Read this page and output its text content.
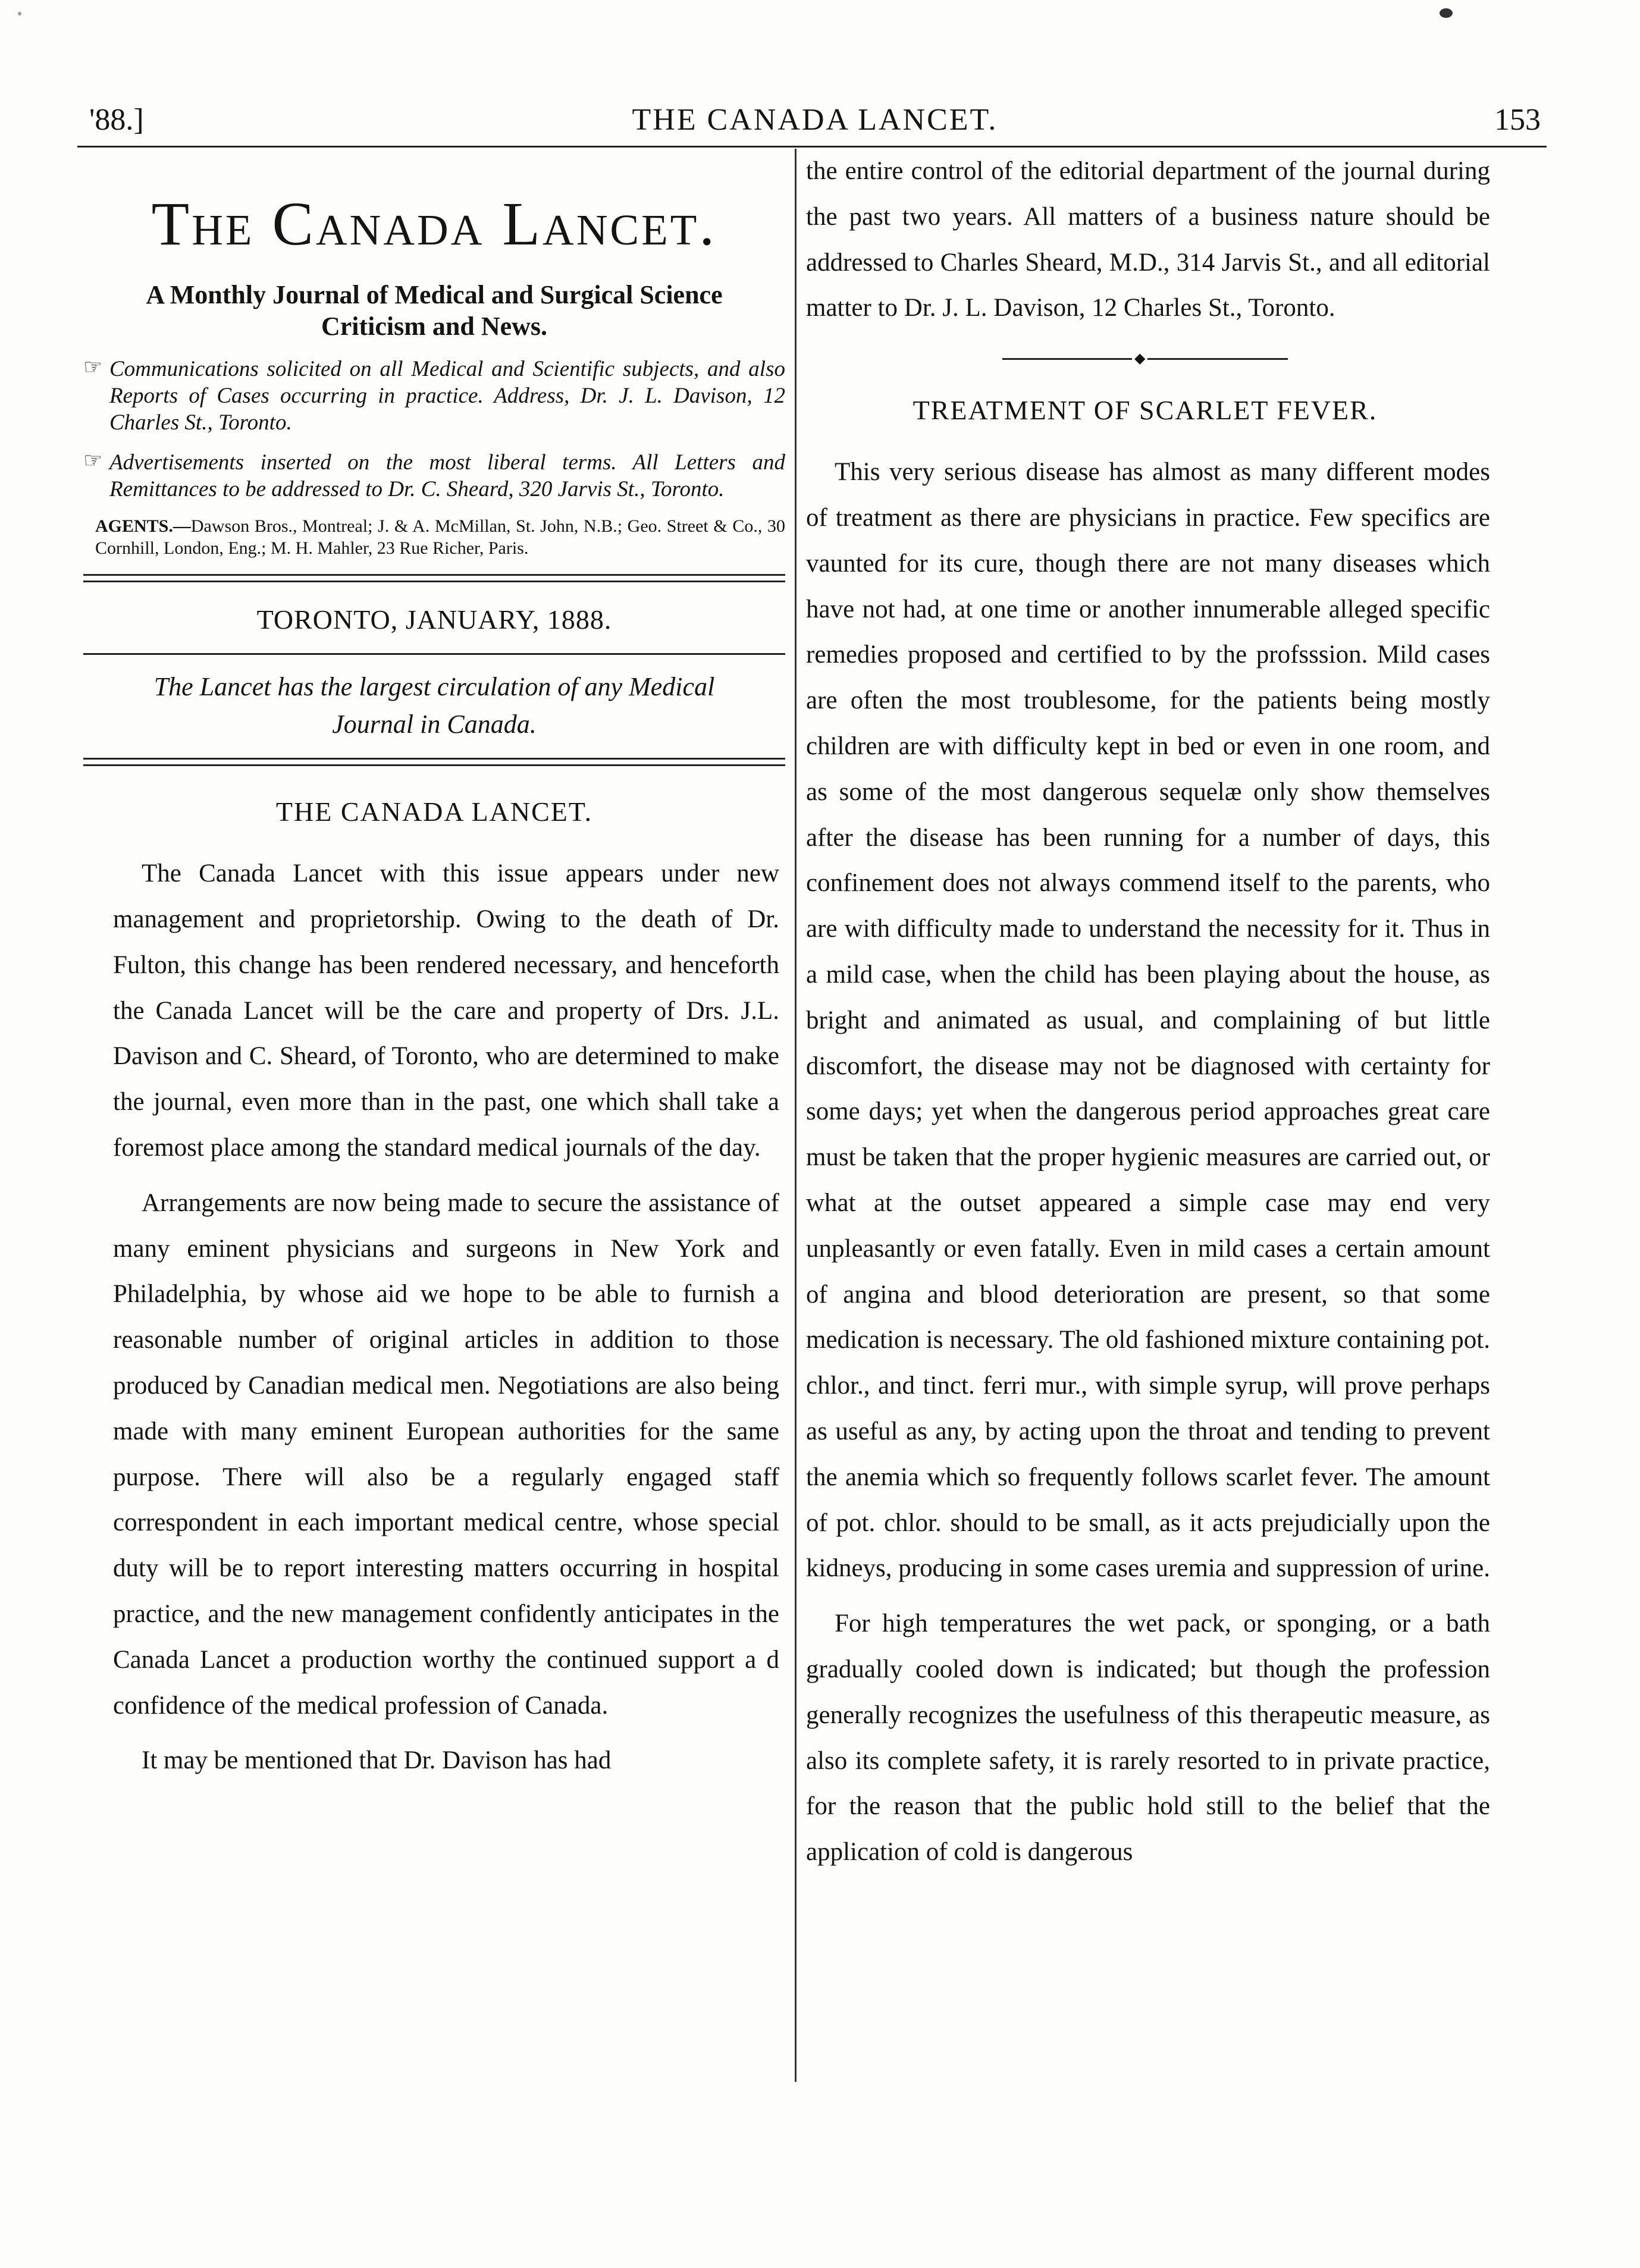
'88.]	THE CANADA LANCET.	153
The Canada Lancet.
A Monthly Journal of Medical and Surgical Science Criticism and News.
☞ Communications solicited on all Medical and Scientific subjects, and also Reports of Cases occurring in practice. Address, Dr. J. L. Davison, 12 Charles St., Toronto.
☞ Advertisements inserted on the most liberal terms. All Letters and Remittances to be addressed to Dr. C. Sheard, 320 Jarvis St., Toronto.
AGENTS.—Dawson Bros., Montreal; J. & A. McMillan, St. John, N.B.; Geo. Street & Co., 30 Cornhill, London, Eng.; M. H. Mahler, 23 Rue Richer, Paris.
TORONTO, JANUARY, 1888.
The Lancet has the largest circulation of any Medical Journal in Canada.
THE CANADA LANCET.

The Canada Lancet with this issue appears under new management and proprietorship. Owing to the death of Dr. Fulton, this change has been rendered necessary, and henceforth the Canada Lancet will be the care and property of Drs. J.L. Davison and C. Sheard, of Toronto, who are determined to make the journal, even more than in the past, one which shall take a foremost place among the standard medical journals of the day.

Arrangements are now being made to secure the assistance of many eminent physicians and surgeons in New York and Philadelphia, by whose aid we hope to be able to furnish a reasonable number of original articles in addition to those produced by Canadian medical men. Negotiations are also being made with many eminent European authorities for the same purpose. There will also be a regularly engaged staff correspondent in each important medical centre, whose special duty will be to report interesting matters occurring in hospital practice, and the new management confidently anticipates in the Canada Lancet a production worthy the continued support a d confidence of the medical profession of Canada.

It may be mentioned that Dr. Davison has had

the entire control of the editorial department of the journal during the past two years. All matters of a business nature should be addressed to Charles Sheard, M.D., 314 Jarvis St., and all editorial matter to Dr. J. L. Davison, 12 Charles St., Toronto.

◆
TREATMENT OF SCARLET FEVER.

This very serious disease has almost as many different modes of treatment as there are physicians in practice. Few specifics are vaunted for its cure, though there are not many diseases which have not had, at one time or another innumerable alleged specific remedies proposed and certified to by the profsssion. Mild cases are often the most troublesome, for the patients being mostly children are with difficulty kept in bed or even in one room, and as some of the most dangerous sequelæ only show themselves after the disease has been running for a number of days, this confinement does not always commend itself to the parents, who are with difficulty made to understand the necessity for it. Thus in a mild case, when the child has been playing about the house, as bright and animated as usual, and complaining of but little discomfort, the disease may not be diagnosed with certainty for some days; yet when the dangerous period approaches great care must be taken that the proper hygienic measures are carried out, or what at the outset appeared a simple case may end very unpleasantly or even fatally. Even in mild cases a certain amount of angina and blood deterioration are present, so that some medication is necessary. The old fashioned mixture containing pot. chlor., and tinct. ferri mur., with simple syrup, will prove perhaps as useful as any, by acting upon the throat and tending to prevent the anemia which so frequently follows scarlet fever. The amount of pot. chlor. should to be small, as it acts prejudicially upon the kidneys, producing in some cases uremia and suppression of urine.

For high temperatures the wet pack, or sponging, or a bath gradually cooled down is indicated; but though the profession generally recognizes the usefulness of this therapeutic measure, as also its complete safety, it is rarely resorted to in private practice, for the reason that the public hold still to the belief that the application of cold is dangerous
